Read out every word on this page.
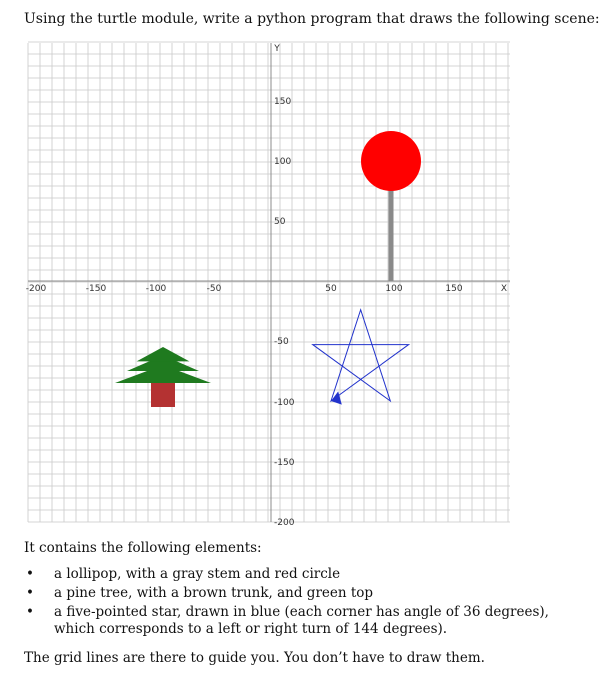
Using the turtle module, write a python program that draws the following scene:

Y
X
-200	-150	-100	-50	50	100	150
150
100
50
-50
-100
-150
-200

It contains the following elements:

• a lollipop, with a gray stem and red circle
• a pine tree, with a brown trunk, and green top
• a five-pointed star, drawn in blue (each corner has angle of 36 degrees), which corresponds to a left or right turn of 144 degrees).

The grid lines are there to guide you. You don’t have to draw them.
